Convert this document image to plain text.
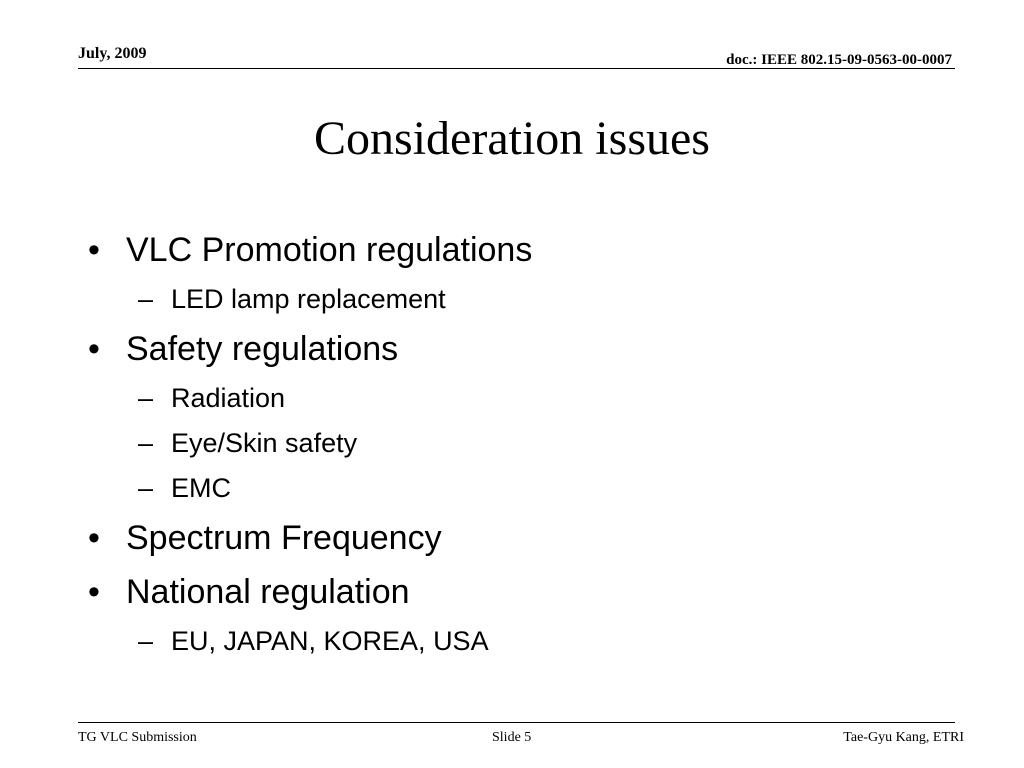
July, 2009	doc.: IEEE 802.15-09-0563-00-0007
Consideration issues
• VLC Promotion regulations
– LED lamp replacement
• Safety regulations
– Radiation
– Eye/Skin safety
– EMC
• Spectrum Frequency
• National regulation
– EU, JAPAN, KOREA, USA
TG VLC Submission	Slide 5	Tae-Gyu Kang, ETRI
